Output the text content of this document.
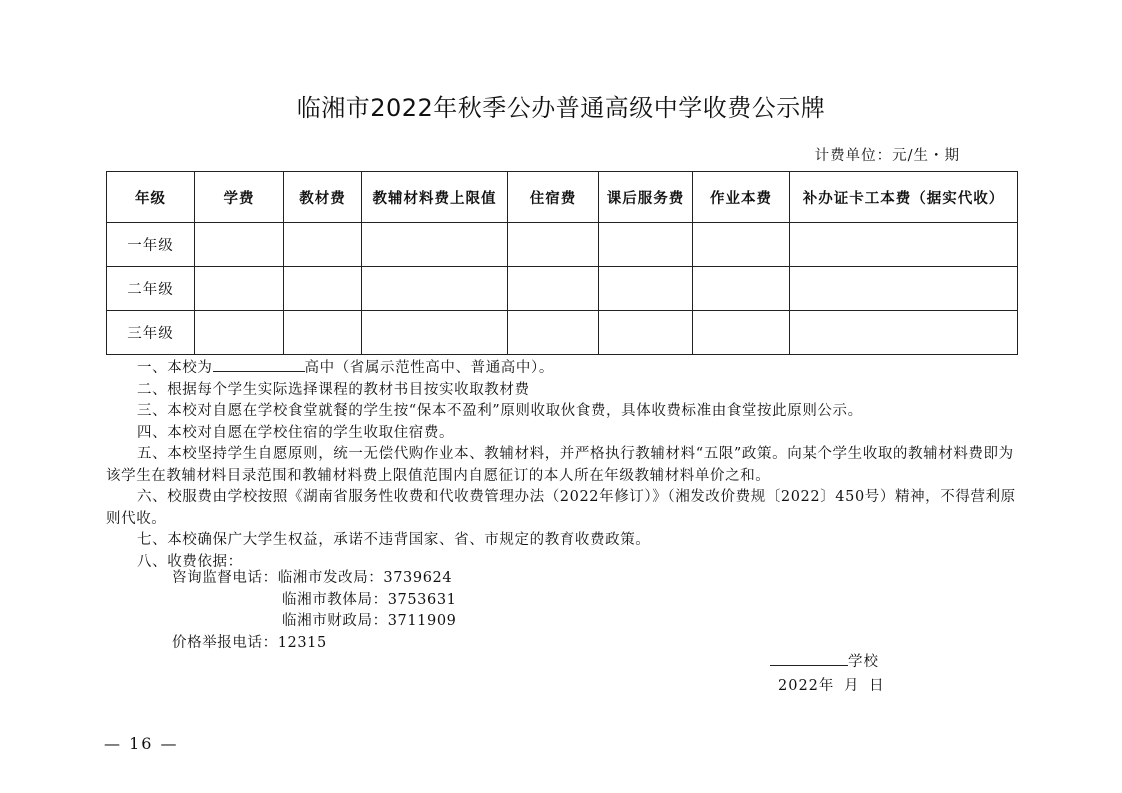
临湘市2022年秋季公办普通高级中学收费公示牌
计费单位：元/生・期
年级	学费	教材费	教辅材料费上限值	住宿费	课后服务费	作业本费	补办证卡工本费（据实代收）
一年级							
二年级							
三年级							

一、本校为	高中（省属示范性高中、普通高中）。

二、根据每个学生实际选择课程的教材书目按实收取教材费

三、本校对自愿在学校食堂就餐的学生按“保本不盈利”原则收取伙食费，具体收费标准由食堂按此原则公示。

四、本校对自愿在学校住宿的学生收取住宿费。

五、本校坚持学生自愿原则，统一无偿代购作业本、教辅材料，并严格执行教辅材料“五限”政策。向某个学生收取的教辅材料费即为该学生在教辅材料目录范围和教辅材料费上限值范围内自愿征订的本人所在年级教辅材料单价之和。

六、校服费由学校按照《湖南省服务性收费和代收费管理办法（2022年修订）》（湘发改价费规〔2022〕450号）精神，不得营利原则代收。

七、本校确保广大学生权益，承诺不违背国家、省、市规定的教育收费政策。

八、收费依据：

咨询监督电话：临湘市发改局：3739624
临湘市教体局：3753631
临湘市财政局：3711909
价格举报电话：12315
学校
2022年 月 日
— 16 —
